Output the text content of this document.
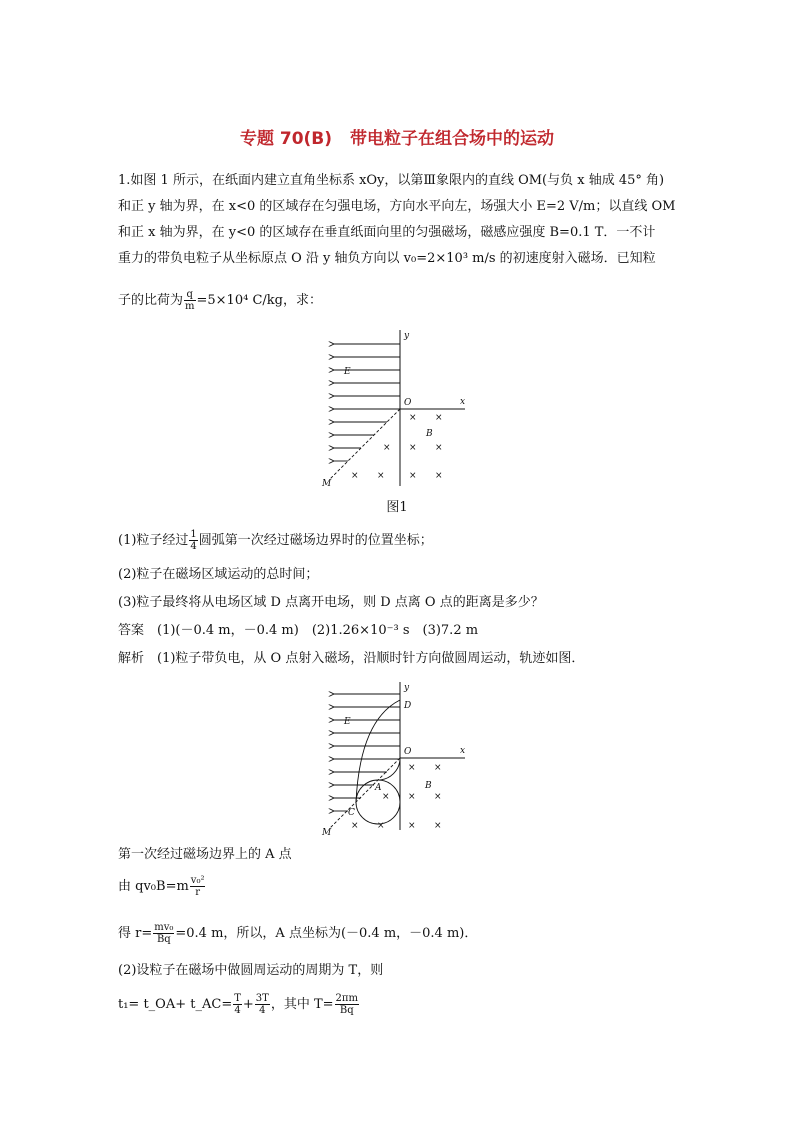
专题 70(B) 带电粒子在组合场中的运动
1.如图 1 所示，在纸面内建立直角坐标系 xOy，以第Ⅲ象限内的直线 OM(与负 x 轴成 45° 角)
和正 y 轴为界，在 x<0 的区域存在匀强电场，方向水平向左，场强大小 E=2 V/m；以直线 OM
和正 x 轴为界，在 y<0 的区域存在垂直纸面向里的匀强磁场，磁感应强度 B=0.1 T．一不计
重力的带负电粒子从坐标原点 O 沿 y 轴负方向以 v₀=2×10³ m/s 的初速度射入磁场．已知粒
子的比荷为 $\frac{q}{m} =5\times 10^4$ C/kg，求：
y
x
O
E
B
M
× ×
× ×
×
× ×	× ×
图1
(1)粒子经过 $\frac{1}{4}$ 圆弧第一次经过磁场边界时的位置坐标；
(2)粒子在磁场区域运动的总时间；
(3)粒子最终将从电场区域 D 点离开电场，则 D 点离 O 点的距离是多少？
答案　(1)(－0.4 m，－0.4 m)　(2)1.26×10⁻³ s　(3)7.2 m
解析　(1)粒子带负电，从 O 点射入磁场，沿顺时针方向做圆周运动，轨迹如图．
y
x
O
D
E
A
C
B
M
× ×
× × ×
× ×	× ×
第一次经过磁场边界上的 A 点
由 $qv_0B=m \frac{\text{v₀²}}{r}$
得 $r= \frac{\text{mv₀}}{Bq} =0.4$ m，所以，A 点坐标为(－0.4 m，－0.4 m)．
(2)设粒子在磁场中做圆周运动的周期为 T，则
t₁= t_OA+ t_AC= $\frac{T}{4} + \frac{3T}{4}$ ，其中 $T= \frac{2\pi m}{Bq}$
